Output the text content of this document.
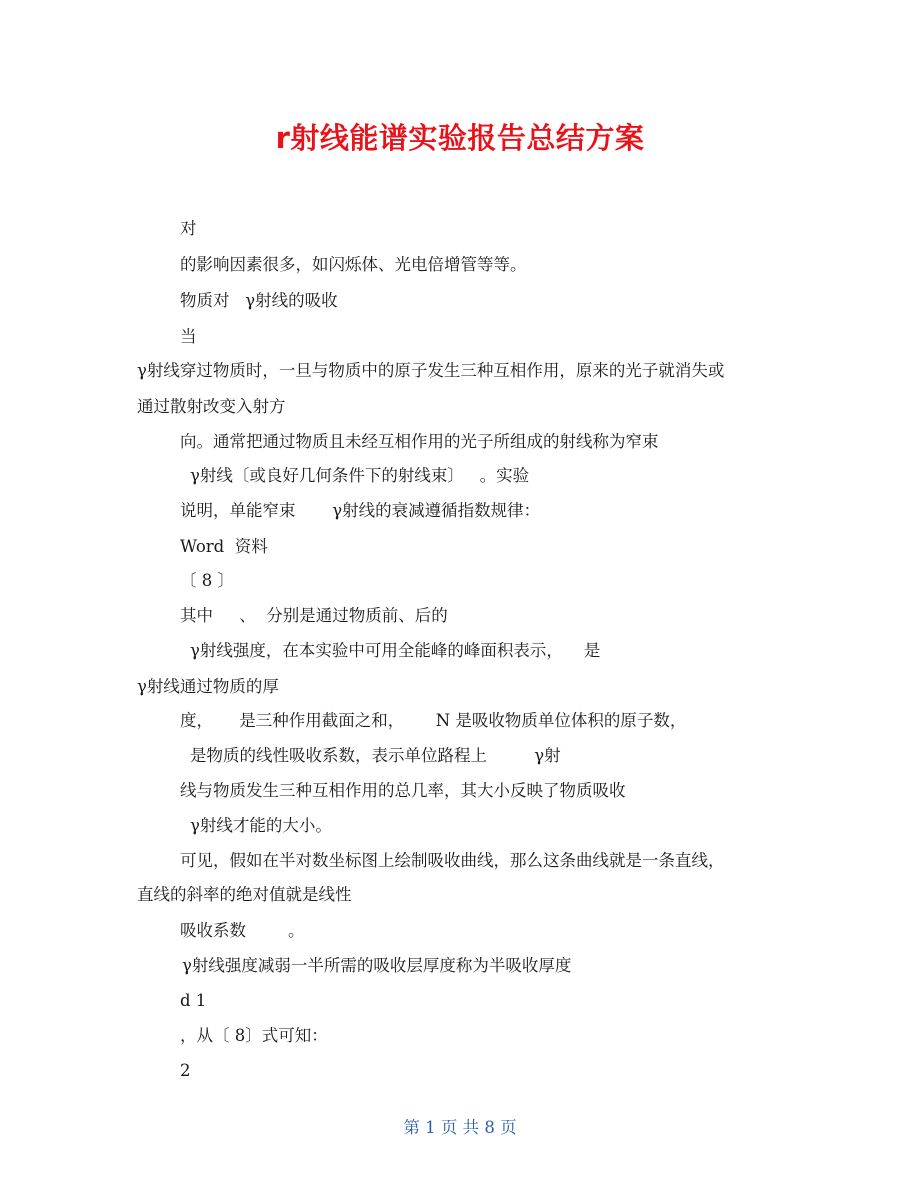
r射线能谱实验报告总结方案
对
的影响因素很多，如闪烁体、光电倍增管等等。
物质对   γ射线的吸收
当
γ射线穿过物质时，一旦与物质中的原子发生三种互相作用，原来的光子就消失或
通过散射改变入射方
向。通常把通过物质且未经互相作用的光子所组成的射线称为窄束
γ射线〔或良好几何条件下的射线束〕   。实验
说明，单能窄束       γ射线的衰减遵循指数规律：
Word  资料
〔 8 〕
其中     、  分别是通过物质前、后的
γ射线强度，在本实验中可用全能峰的峰面积表示，    是
γ射线通过物质的厚
度，     是三种作用截面之和，      N 是吸收物质单位体积的原子数，
是物质的线性吸收系数，表示单位路程上         γ射
线与物质发生三种互相作用的总几率，其大小反映了物质吸收
γ射线才能的大小。
可见，假如在半对数坐标图上绘制吸收曲线，那么这条曲线就是一条直线，
直线的斜率的绝对值就是线性
吸收系数        。
γ射线强度减弱一半所需的吸收层厚度称为半吸收厚度
d 1
，从〔 8〕式可知：
2
第 1 页 共 8 页
